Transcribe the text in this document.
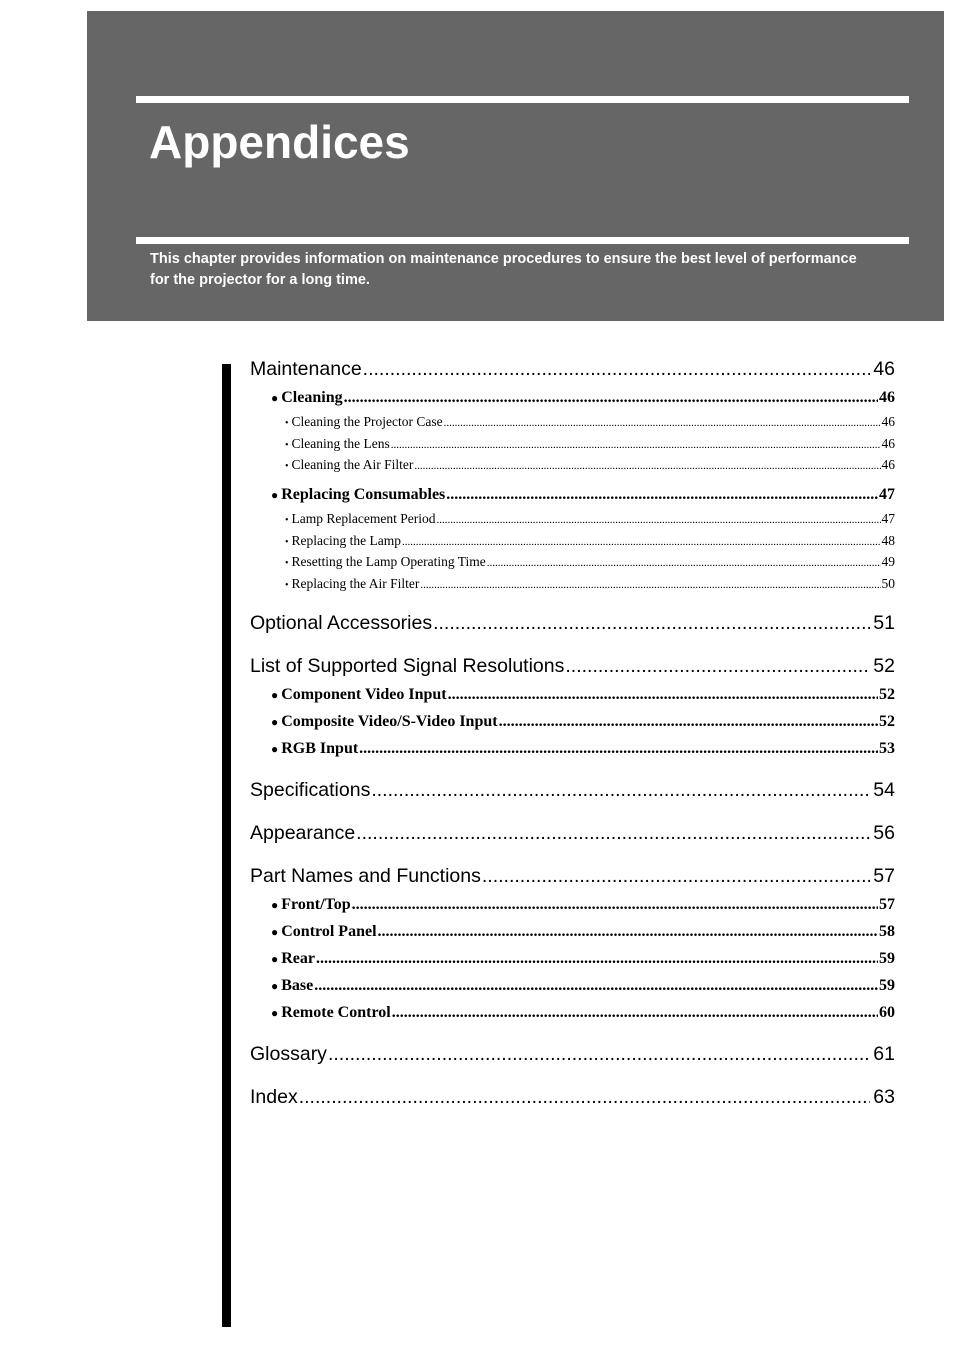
Appendices

This chapter provides information on maintenance procedures to ensure the best level of performance for the projector for a long time.

Maintenance .....	46
● Cleaning .....	46
• Cleaning the Projector Case .....	46
• Cleaning the Lens .....	46
• Cleaning the Air Filter .....	46
● Replacing Consumables .....	47
• Lamp Replacement Period .....	47
• Replacing the Lamp .....	48
• Resetting the Lamp Operating Time .....	49
• Replacing the Air Filter .....	50
Optional Accessories .....	51
List of Supported Signal Resolutions .....	52
● Component Video Input .....	52
● Composite Video/S-Video Input .....	52
● RGB Input .....	53
Specifications .....	54
Appearance .....	56
Part Names and Functions .....	57
● Front/Top .....	57
● Control Panel .....	58
● Rear .....	59
● Base .....	59
● Remote Control .....	60
Glossary .....	61
Index .....	63
